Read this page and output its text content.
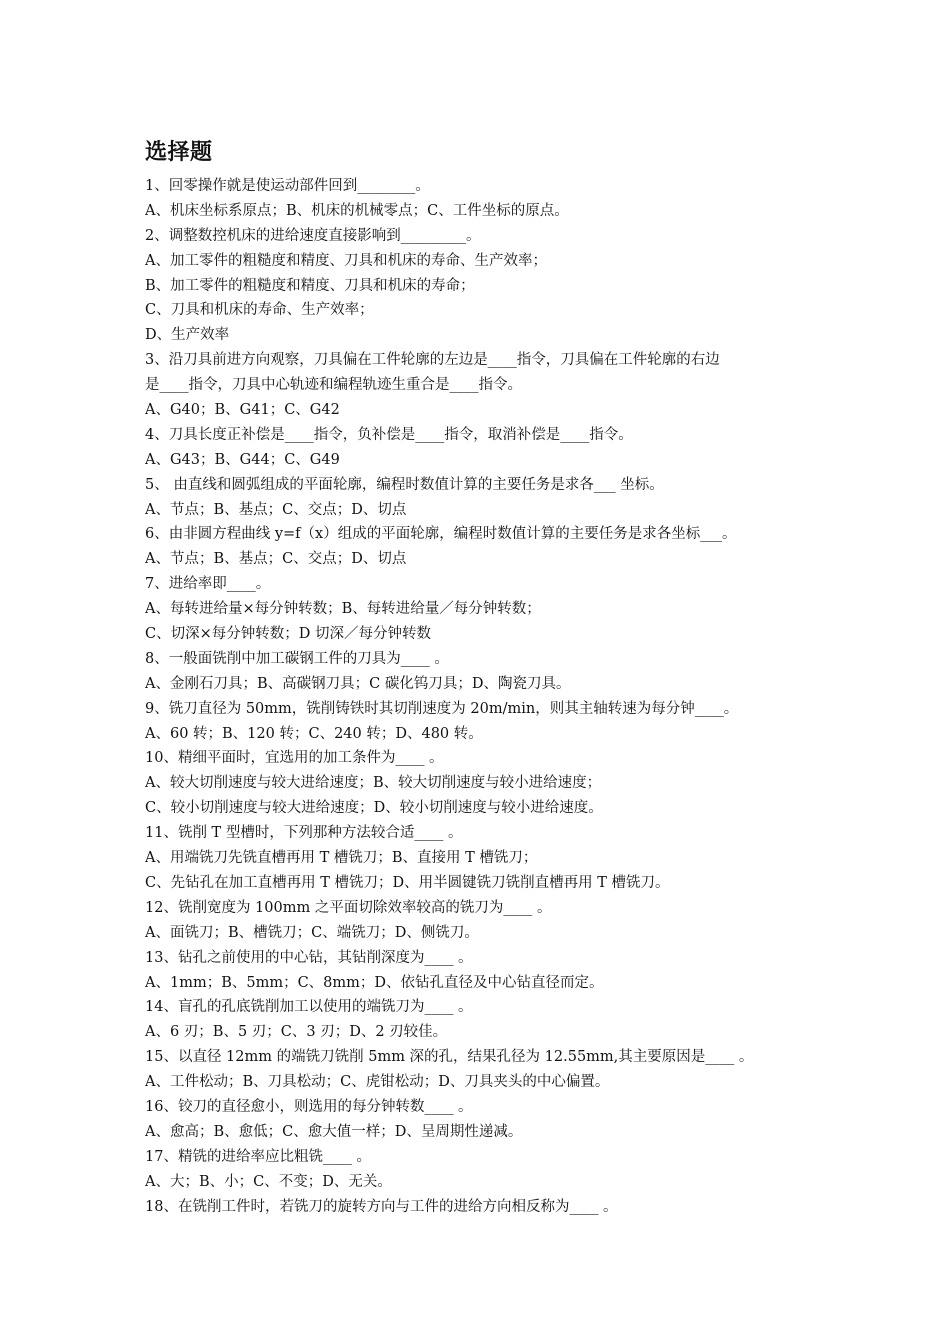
选择题
1、回零操作就是使运动部件回到________。
A、机床坐标系原点；B、机床的机械零点；C、工件坐标的原点。
2、调整数控机床的进给速度直接影响到_________。
A、加工零件的粗糙度和精度、刀具和机床的寿命、生产效率；
B、加工零件的粗糙度和精度、刀具和机床的寿命；
C、刀具和机床的寿命、生产效率；
D、生产效率
3、沿刀具前进方向观察，刀具偏在工件轮廓的左边是____指令，刀具偏在工件轮廓的右边
是____指令，刀具中心轨迹和编程轨迹生重合是____指令。
A、G40；B、G41；C、G42
4、刀具长度正补偿是____指令，负补偿是____指令，取消补偿是____指令。
A、G43；B、G44；C、G49
5、 由直线和圆弧组成的平面轮廓，编程时数值计算的主要任务是求各___ 坐标。
A、节点；B、基点；C、交点；D、切点
6、由非圆方程曲线 y=f（x）组成的平面轮廓，编程时数值计算的主要任务是求各坐标___。
A、节点；B、基点；C、交点；D、切点
7、进给率即____。
A、每转进给量×每分钟转数；B、每转进给量／每分钟转数；
C、切深×每分钟转数；D 切深／每分钟转数
8、一般面铣削中加工碳钢工件的刀具为____ 。
A、金刚石刀具；B、高碳钢刀具；C 碳化钨刀具；D、陶瓷刀具。
9、铣刀直径为 50mm，铣削铸铁时其切削速度为 20m/min，则其主轴转速为每分钟____。
A、60 转；B、120 转；C、240 转；D、480 转。
10、精细平面时，宜选用的加工条件为____ 。
A、较大切削速度与较大进给速度；B、较大切削速度与较小进给速度；
C、较小切削速度与较大进给速度；D、较小切削速度与较小进给速度。
11、铣削 T 型槽时，下列那种方法较合适____ 。
A、用端铣刀先铣直槽再用 T 槽铣刀；B、直接用 T 槽铣刀；
C、先钻孔在加工直槽再用 T 槽铣刀；D、用半圆键铣刀铣削直槽再用 T 槽铣刀。
12、铣削宽度为 100mm 之平面切除效率较高的铣刀为____ 。
A、面铣刀；B、槽铣刀；C、端铣刀；D、侧铣刀。
13、钻孔之前使用的中心钻，其钻削深度为____ 。
A、1mm；B、5mm；C、8mm；D、依钻孔直径及中心钻直径而定。
14、盲孔的孔底铣削加工以使用的端铣刀为____ 。
A、6 刃；B、5 刃；C、3 刃；D、2 刃较佳。
15、以直径 12mm 的端铣刀铣削 5mm 深的孔，结果孔径为 12.55mm,其主要原因是____ 。
A、工件松动；B、刀具松动；C、虎钳松动；D、刀具夹头的中心偏置。
16、铰刀的直径愈小，则选用的每分钟转数____ 。
A、愈高；B、愈低；C、愈大值一样；D、呈周期性递减。
17、精铣的进给率应比粗铣____ 。
A、大；B、小；C、不变；D、无关。
18、在铣削工件时，若铣刀的旋转方向与工件的进给方向相反称为____ 。
